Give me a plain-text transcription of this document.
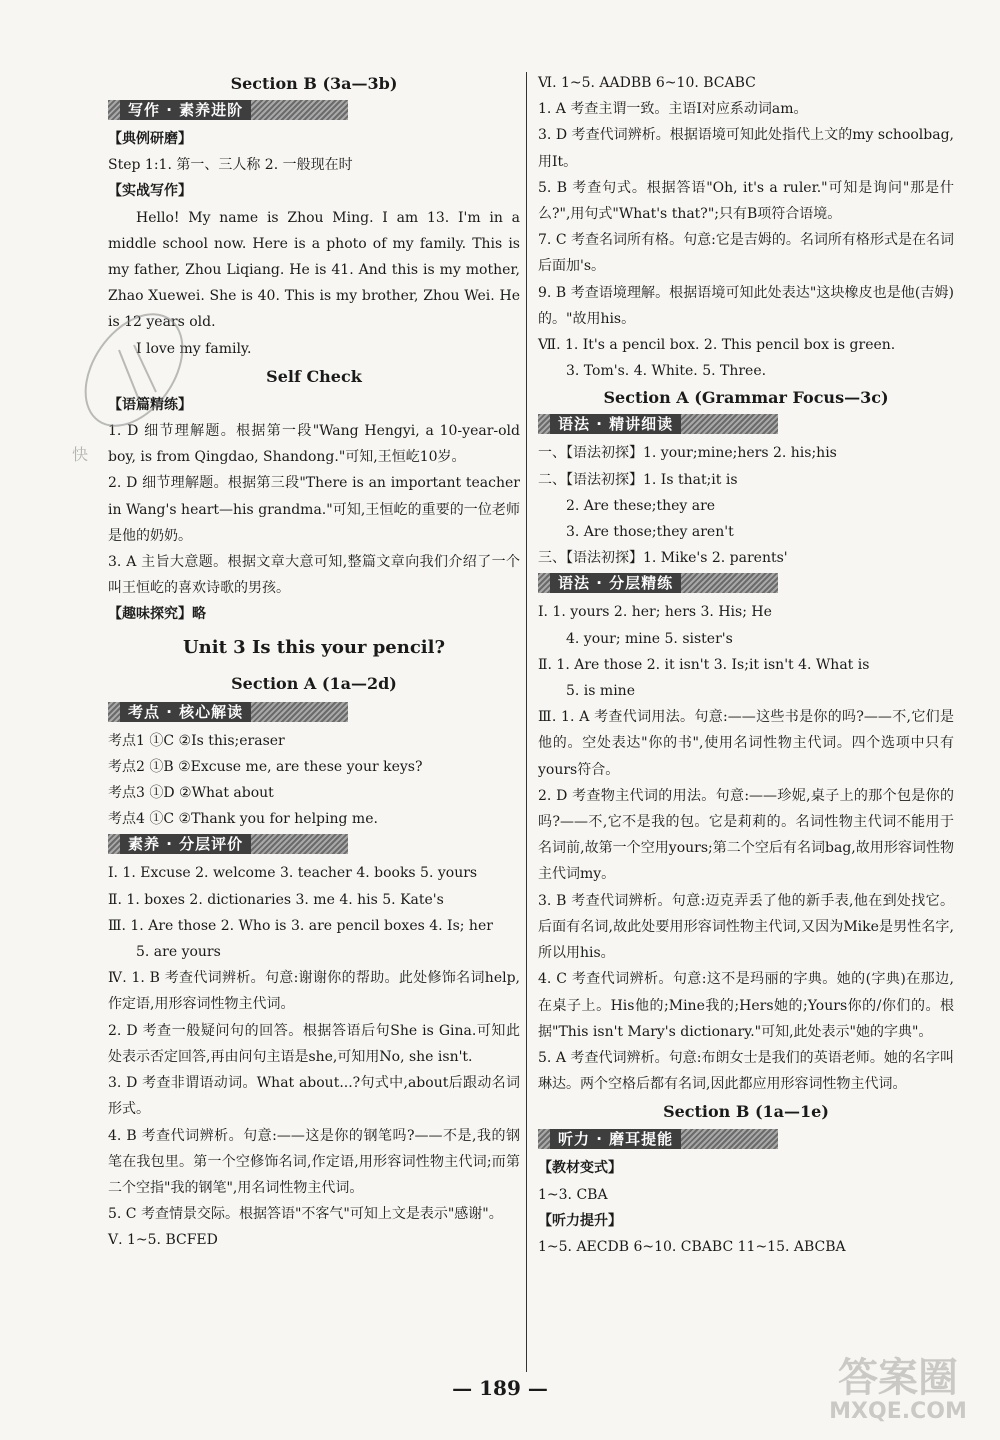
Section B (3a—3b)

写作 · 素养进阶

【典例研磨】

Step 1:1. 第一、三人称 2. 一般现在时

【实战写作】

Hello! My name is Zhou Ming. I am 13. I'm in a middle school now. Here is a photo of my family. This is my father, Zhou Liqiang. He is 41. And this is my mother, Zhao Xuewei. She is 40. This is my brother, Zhou Wei. He is 12 years old.

I love my family.

Self Check

【语篇精练】

1. D 细节理解题。根据第一段"Wang Hengyi, a 10-year-old boy, is from Qingdao, Shandong."可知,王恒屹10岁。

2. D 细节理解题。根据第三段"There is an important teacher in Wang's heart—his grandma."可知,王恒屹的重要的一位老师是他的奶奶。

3. A 主旨大意题。根据文章大意可知,整篇文章向我们介绍了一个叫王恒屹的喜欢诗歌的男孩。

【趣味探究】略

Unit 3 Is this your pencil?

Section A (1a—2d)

考点 · 核心解读

考点1 ①C ②Is this;eraser

考点2 ①B ②Excuse me, are these your keys?

考点3 ①D ②What about

考点4 ①C ②Thank you for helping me.

素养 · 分层评价

Ⅰ. 1. Excuse 2. welcome 3. teacher 4. books 5. yours

Ⅱ. 1. boxes 2. dictionaries 3. me 4. his 5. Kate's

Ⅲ. 1. Are those 2. Who is 3. are pencil boxes 4. Is; her

5. are yours

Ⅳ. 1. B 考查代词辨析。句意:谢谢你的帮助。此处修饰名词help,作定语,用形容词性物主代词。

2. D 考查一般疑问句的回答。根据答语后句She is Gina.可知此处表示否定回答,再由问句主语是she,可知用No, she isn't.

3. D 考查非谓语动词。What about...?句式中,about后跟动名词形式。

4. B 考查代词辨析。句意:——这是你的钢笔吗?——不是,我的钢笔在我包里。第一个空修饰名词,作定语,用形容词性物主代词;而第二个空指"我的钢笔",用名词性物主代词。

5. C 考查情景交际。根据答语"不客气"可知上文是表示"感谢"。

Ⅴ. 1~5. BCFED

Ⅵ. 1~5. AADBB 6~10. BCABC

1. A 考查主谓一致。主语I对应系动词am。

3. D 考查代词辨析。根据语境可知此处指代上文的my schoolbag,用It。

5. B 考查句式。根据答语"Oh, it's a ruler."可知是询问"那是什么?",用句式"What's that?";只有B项符合语境。

7. C 考查名词所有格。句意:它是吉姆的。名词所有格形式是在名词后面加's。

9. B 考查语境理解。根据语境可知此处表达"这块橡皮也是他(吉姆)的。"故用his。

Ⅶ. 1. It's a pencil box. 2. This pencil box is green.

3. Tom's. 4. White. 5. Three.

Section A (Grammar Focus—3c)

语法 · 精讲细读

一、【语法初探】1. your;mine;hers 2. his;his

二、【语法初探】1. Is that;it is

2. Are these;they are

3. Are those;they aren't

三、【语法初探】1. Mike's 2. parents'

语法 · 分层精练

Ⅰ. 1. yours 2. her; hers 3. His; He

4. your; mine 5. sister's

Ⅱ. 1. Are those 2. it isn't 3. Is;it isn't 4. What is

5. is mine

Ⅲ. 1. A 考查代词用法。句意:——这些书是你的吗?——不,它们是他的。空处表达"你的书",使用名词性物主代词。四个选项中只有yours符合。

2. D 考查物主代词的用法。句意:——珍妮,桌子上的那个包是你的吗?——不,它不是我的包。它是莉莉的。名词性物主代词不能用于名词前,故第一个空用yours;第二个空后有名词bag,故用形容词性物主代词my。

3. B 考查代词辨析。句意:迈克弄丢了他的新手表,他在到处找它。后面有名词,故此处要用形容词性物主代词,又因为Mike是男性名字,所以用his。

4. C 考查代词辨析。句意:这不是玛丽的字典。她的(字典)在那边,在桌子上。His他的;Mine我的;Hers她的;Yours你的/你们的。根据"This isn't Mary's dictionary."可知,此处表示"她的字典"。

5. A 考查代词辨析。句意:布朗女士是我们的英语老师。她的名字叫琳达。两个空格后都有名词,因此都应用形容词性物主代词。

Section B (1a—1e)

听力 · 磨耳提能

【教材变式】

1~3. CBA

【听力提升】

1~5. AECDB 6~10. CBABC 11~15. ABCBA

快
— 189 —	答案圈
MXQE.COM
